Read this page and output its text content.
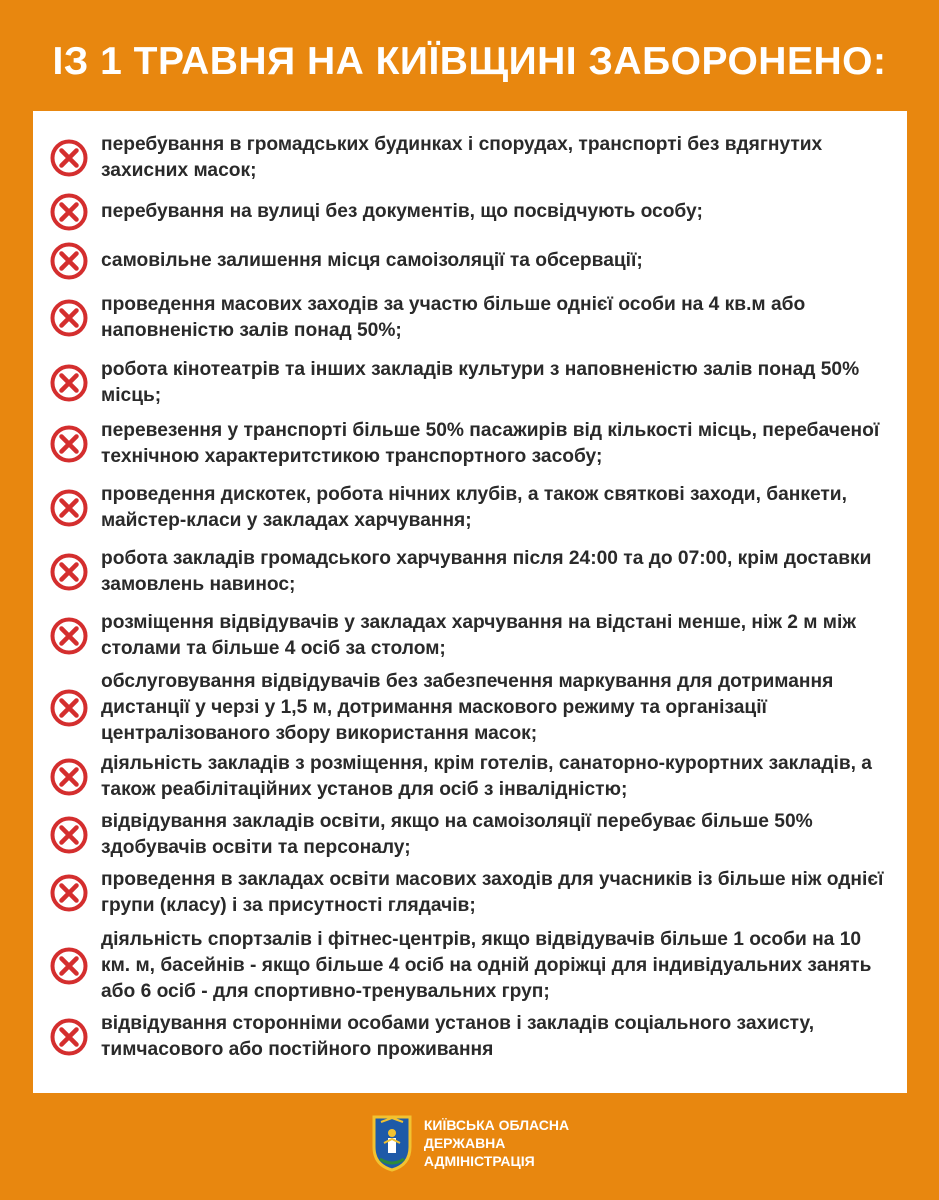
ІЗ 1 ТРАВНЯ НА КИЇВЩИНІ ЗАБОРОНЕНО:
перебування в громадських будинках і спорудах, транспорті без вдягнутих захисних масок;
перебування на вулиці без документів, що посвідчують особу;
самовільне залишення місця самоізоляції та обсервації;
проведення масових заходів за участю більше однієї особи на 4 кв.м або наповненістю залів понад 50%;
робота кінотеатрів та інших закладів культури з наповненістю залів понад 50% місць;
перевезення у транспорті більше 50% пасажирів від кількості місць, перебаченої технічною характеритстикою транспортного засобу;
проведення дискотек, робота нічних клубів, а також святкові заходи, банкети, майстер-класи у закладах харчування;
робота закладів громадського харчування після 24:00 та до 07:00, крім доставки замовлень навинос;
розміщення відвідувачів у закладах харчування на відстані менше, ніж 2 м між столами та більше 4 осіб за столом;
обслуговування відвідувачів без забезпечення маркування для дотримання дистанції у черзі у 1,5 м, дотримання маскового режиму та організації централізованого збору використання масок;
діяльність закладів з розміщення, крім готелів, санаторно-курортних закладів, а також реабілітаційних установ для осіб з інвалідністю;
відвідування закладів освіти, якщо на самоізоляції перебуває більше 50% здобувачів освіти та персоналу;
проведення в закладах освіти масових заходів для учасників із більше ніж однієї групи (класу) і за присутності глядачів;
діяльність спортзалів і фітнес-центрів, якщо відвідувачів більше 1 особи на 10 км. м, басейнів - якщо більше 4 осіб на одній доріжці для індивідуальних занять або 6 осіб - для спортивно-тренувальних груп;
відвідування сторонніми особами установ і закладів соціального захисту, тимчасового або постійного проживання
КИЇВСЬКА ОБЛАСНА
ДЕРЖАВНА
АДМІНІСТРАЦІЯ
